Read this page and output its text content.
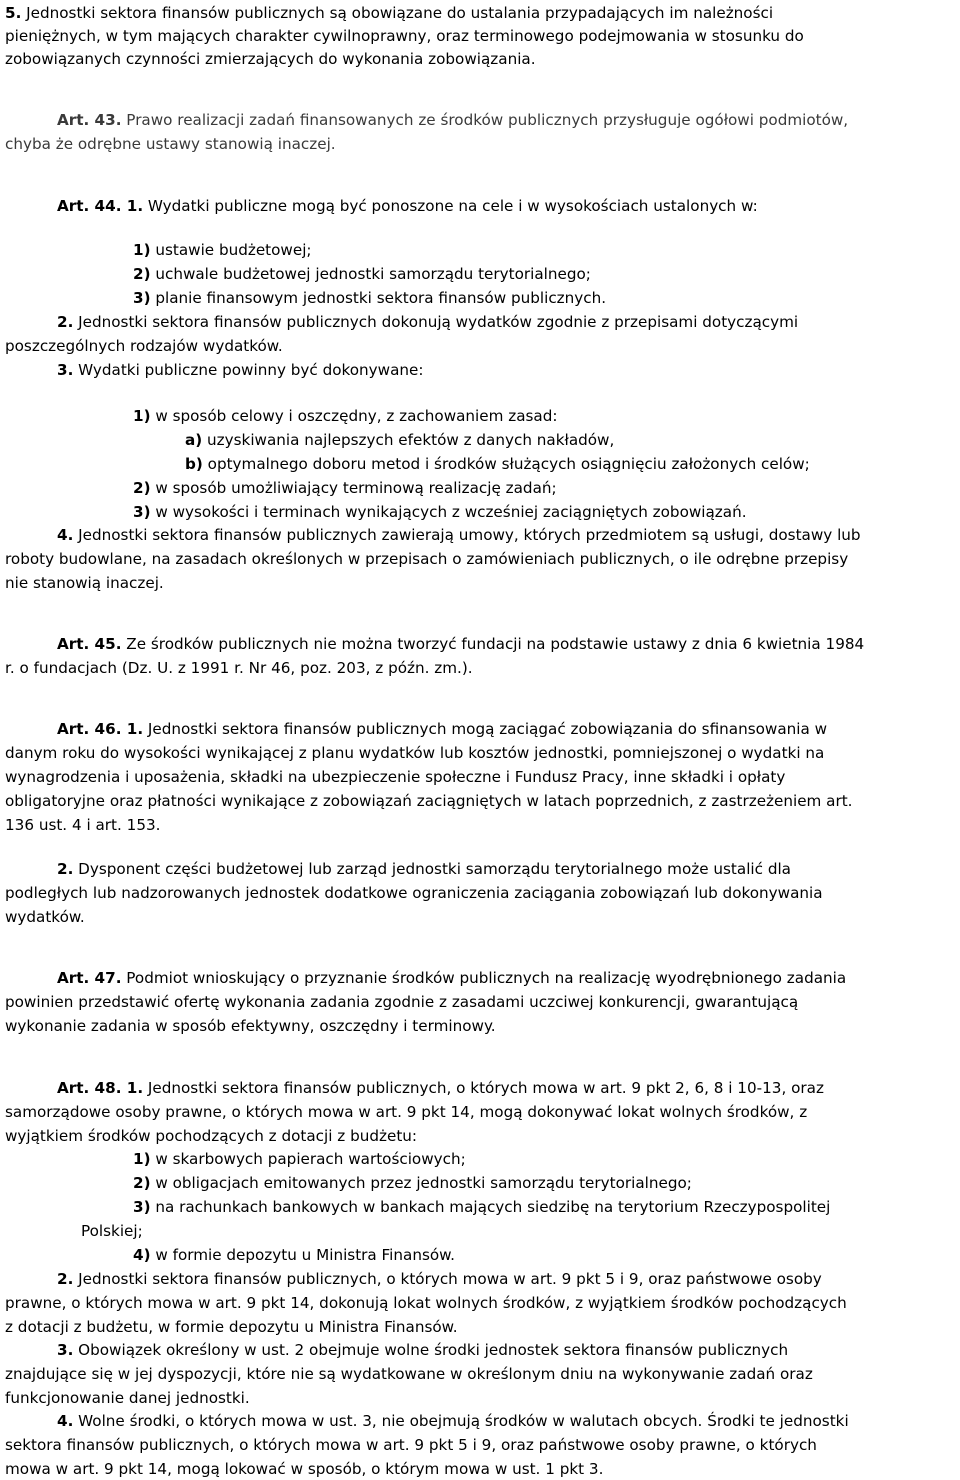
5. Jednostki sektora finansów publicznych są obowiązane do ustalania przypadających im należności
pieniężnych, w tym mających charakter cywilnoprawny, oraz terminowego podejmowania w stosunku do
zobowiązanych czynności zmierzających do wykonania zobowiązania.
Art. 43. Prawo realizacji zadań finansowanych ze środków publicznych przysługuje ogółowi podmiotów,
chyba że odrębne ustawy stanowią inaczej.
Art. 44. 1. Wydatki publiczne mogą być ponoszone na cele i w wysokościach ustalonych w:
1) ustawie budżetowej;
2) uchwale budżetowej jednostki samorządu terytorialnego;
3) planie finansowym jednostki sektora finansów publicznych.
2. Jednostki sektora finansów publicznych dokonują wydatków zgodnie z przepisami dotyczącymi
poszczególnych rodzajów wydatków.
3. Wydatki publiczne powinny być dokonywane:
1) w sposób celowy i oszczędny, z zachowaniem zasad:
a) uzyskiwania najlepszych efektów z danych nakładów,
b) optymalnego doboru metod i środków służących osiągnięciu założonych celów;
2) w sposób umożliwiający terminową realizację zadań;
3) w wysokości i terminach wynikających z wcześniej zaciągniętych zobowiązań.
4. Jednostki sektora finansów publicznych zawierają umowy, których przedmiotem są usługi, dostawy lub
roboty budowlane, na zasadach określonych w przepisach o zamówieniach publicznych, o ile odrębne przepisy
nie stanowią inaczej.
Art. 45. Ze środków publicznych nie można tworzyć fundacji na podstawie ustawy z dnia 6 kwietnia 1984
r. o fundacjach (Dz. U. z 1991 r. Nr 46, poz. 203, z późn. zm.).
Art. 46. 1. Jednostki sektora finansów publicznych mogą zaciągać zobowiązania do sfinansowania w
danym roku do wysokości wynikającej z planu wydatków lub kosztów jednostki, pomniejszonej o wydatki na
wynagrodzenia i uposażenia, składki na ubezpieczenie społeczne i Fundusz Pracy, inne składki i opłaty
obligatoryjne oraz płatności wynikające z zobowiązań zaciągniętych w latach poprzednich, z zastrzeżeniem art.
136 ust. 4 i art. 153.
2. Dysponent części budżetowej lub zarząd jednostki samorządu terytorialnego może ustalić dla
podległych lub nadzorowanych jednostek dodatkowe ograniczenia zaciągania zobowiązań lub dokonywania
wydatków.
Art. 47. Podmiot wnioskujący o przyznanie środków publicznych na realizację wyodrębnionego zadania
powinien przedstawić ofertę wykonania zadania zgodnie z zasadami uczciwej konkurencji, gwarantującą
wykonanie zadania w sposób efektywny, oszczędny i terminowy.
Art. 48. 1. Jednostki sektora finansów publicznych, o których mowa w art. 9 pkt 2, 6, 8 i 10-13, oraz
samorządowe osoby prawne, o których mowa w art. 9 pkt 14, mogą dokonywać lokat wolnych środków, z
wyjątkiem środków pochodzących z dotacji z budżetu:
1) w skarbowych papierach wartościowych;
2) w obligacjach emitowanych przez jednostki samorządu terytorialnego;
3) na rachunkach bankowych w bankach mających siedzibę na terytorium Rzeczypospolitej
Polskiej;
4) w formie depozytu u Ministra Finansów.
2. Jednostki sektora finansów publicznych, o których mowa w art. 9 pkt 5 i 9, oraz państwowe osoby
prawne, o których mowa w art. 9 pkt 14, dokonują lokat wolnych środków, z wyjątkiem środków pochodzących
z dotacji z budżetu, w formie depozytu u Ministra Finansów.
3. Obowiązek określony w ust. 2 obejmuje wolne środki jednostek sektora finansów publicznych
znajdujące się w jej dyspozycji, które nie są wydatkowane w określonym dniu na wykonywanie zadań oraz
funkcjonowanie danej jednostki.
4. Wolne środki, o których mowa w ust. 3, nie obejmują środków w walutach obcych. Środki te jednostki
sektora finansów publicznych, o których mowa w art. 9 pkt 5 i 9, oraz państwowe osoby prawne, o których
mowa w art. 9 pkt 14, mogą lokować w sposób, o którym mowa w ust. 1 pkt 3.
